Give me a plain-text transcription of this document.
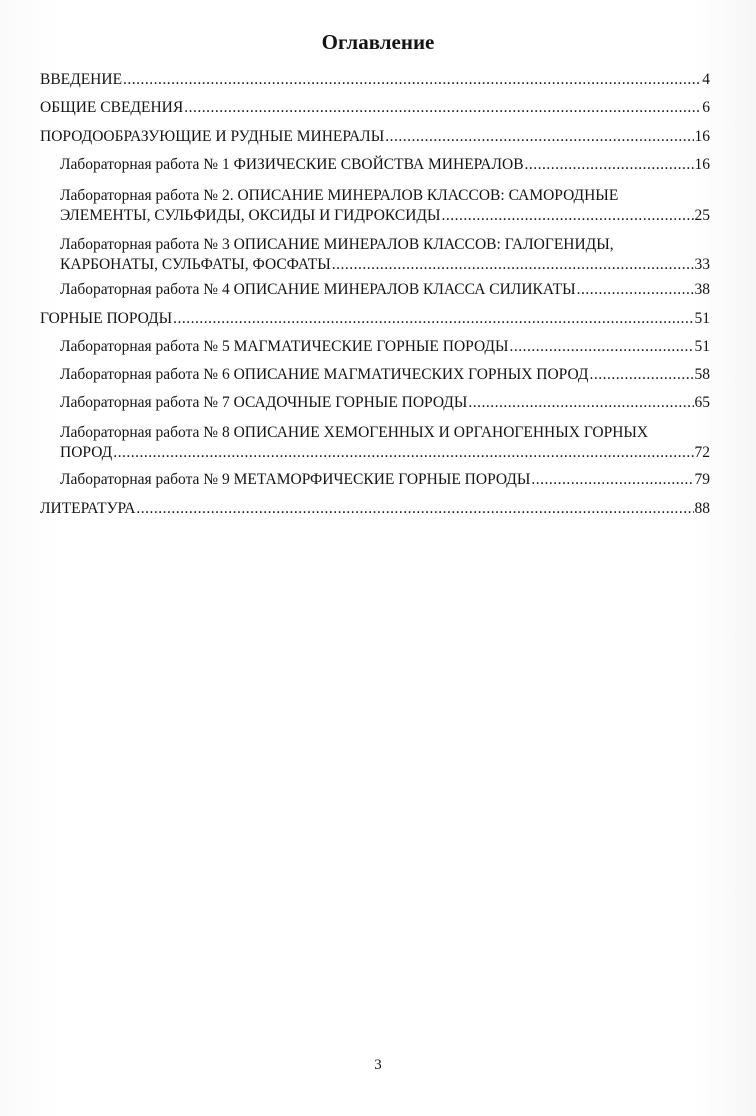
Оглавление
ВВЕДЕНИЕ .....	4
ОБЩИЕ СВЕДЕНИЯ .....	6
ПОРОДООБРАЗУЮЩИЕ И РУДНЫЕ МИНЕРАЛЫ .....	16
Лабораторная работа № 1 ФИЗИЧЕСКИЕ СВОЙСТВА МИНЕРАЛОВ .....	16
Лабораторная работа № 2. ОПИСАНИЕ МИНЕРАЛОВ КЛАССОВ: САМОРОДНЫЕ
ЭЛЕМЕНТЫ, СУЛЬФИДЫ, ОКСИДЫ И ГИДРОКСИДЫ .....	25
Лабораторная работа № 3 ОПИСАНИЕ МИНЕРАЛОВ КЛАССОВ: ГАЛОГЕНИДЫ,
КАРБОНАТЫ, СУЛЬФАТЫ, ФОСФАТЫ .....	33
Лабораторная работа № 4 ОПИСАНИЕ МИНЕРАЛОВ КЛАССА СИЛИКАТЫ .....	38
ГОРНЫЕ ПОРОДЫ .....	51
Лабораторная работа № 5 МАГМАТИЧЕСКИЕ ГОРНЫЕ ПОРОДЫ .....	51
Лабораторная работа № 6 ОПИСАНИЕ МАГМАТИЧЕСКИХ ГОРНЫХ ПОРОД .....	58
Лабораторная работа № 7 ОСАДОЧНЫЕ ГОРНЫЕ ПОРОДЫ .....	65
Лабораторная работа № 8 ОПИСАНИЕ ХЕМОГЕННЫХ И ОРГАНОГЕННЫХ ГОРНЫХ
ПОРОД .....	72
Лабораторная работа № 9 МЕТАМОРФИЧЕСКИЕ ГОРНЫЕ ПОРОДЫ .....	79
ЛИТЕРАТУРА .....	88
3
